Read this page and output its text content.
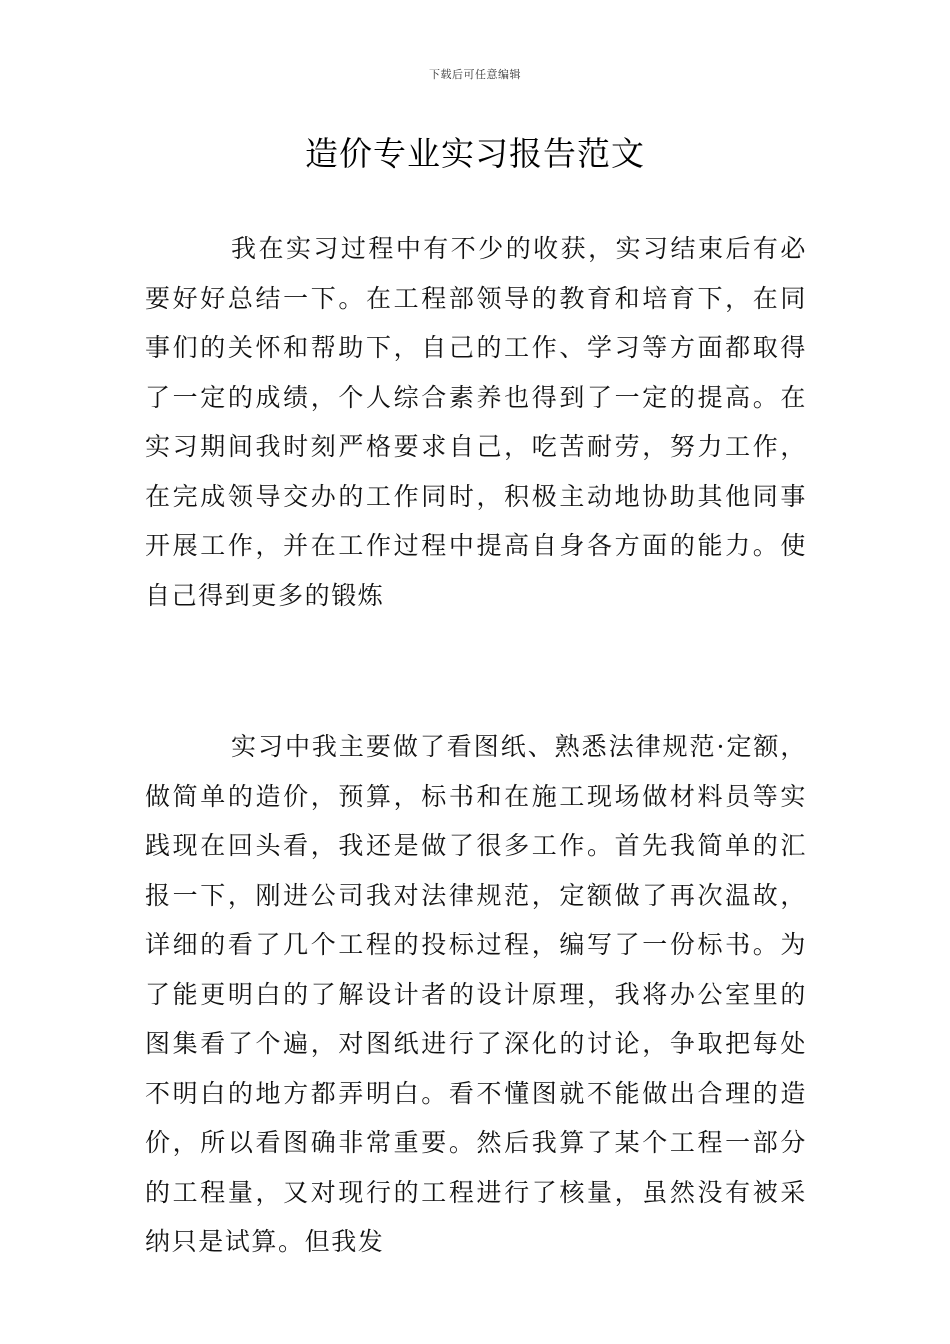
下载后可任意编辑
造价专业实习报告范文

我在实习过程中有不少的收获，实习结束后有必要好好总结一下。在工程部领导的教育和培育下，在同事们的关怀和帮助下，自己的工作、学习等方面都取得了一定的成绩，个人综合素养也得到了一定的提高。在实习期间我时刻严格要求自己，吃苦耐劳，努力工作，在完成领导交办的工作同时，积极主动地协助其他同事开展工作，并在工作过程中提高自身各方面的能力。使自己得到更多的锻炼

实习中我主要做了看图纸、熟悉法律规范·定额，做简单的造价，预算，标书和在施工现场做材料员等实践现在回头看，我还是做了很多工作。首先我简单的汇报一下，刚进公司我对法律规范，定额做了再次温故，详细的看了几个工程的投标过程，编写了一份标书。为了能更明白的了解设计者的设计原理，我将办公室里的图集看了个遍，对图纸进行了深化的讨论，争取把每处不明白的地方都弄明白。看不懂图就不能做出合理的造价，所以看图确非常重要。然后我算了某个工程一部分的工程量，又对现行的工程进行了核量，虽然没有被采纳只是试算。但我发
